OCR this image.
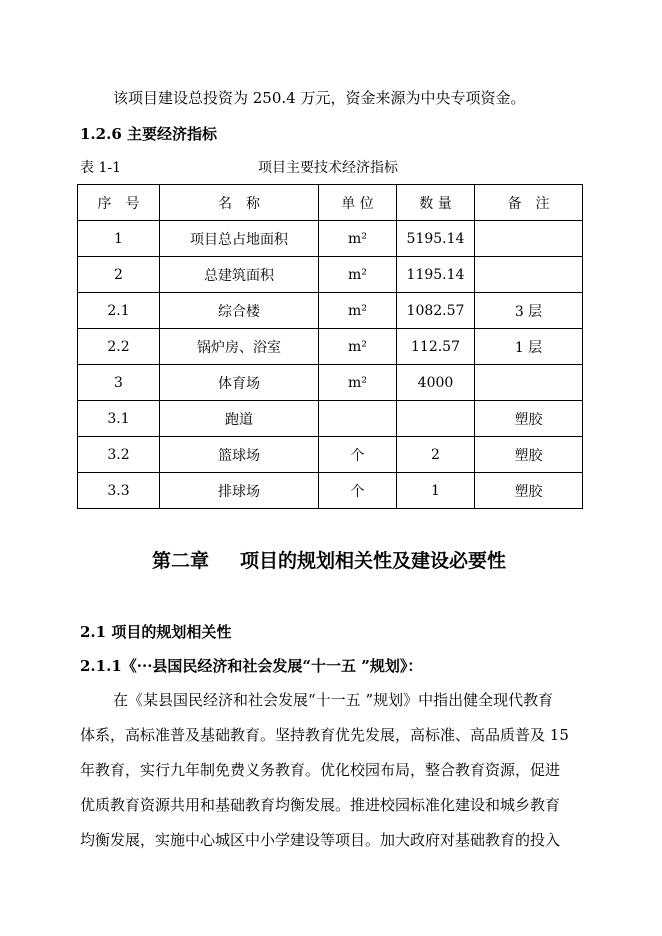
该项目建设总投资为 250.4 万元，资金来源为中央专项资金。
1.2.6 主要经济指标
表 1-1	项目主要技术经济指标
序　号	名　称	单 位	数 量	备　注
1	项目总占地面积	m²	5195.14	
2	总建筑面积	m²	1195.14	
2.1	综合楼	m²	1082.57	3 层
2.2	锅炉房、浴室	m²	112.57	1 层
3	体育场	m²	4000	
3.1	跑道			塑胶
3.2	篮球场	个	2	塑胶
3.3	排球场	个	1	塑胶
第二章 项目的规划相关性及建设必要性
2.1 项目的规划相关性
2.1.1《···县国民经济和社会发展“十一五 ”规划》：
在《某县国民经济和社会发展“十一五 ”规划》中指出健全现代教育
体系，高标准普及基础教育。坚持教育优先发展，高标准、高品质普及 15
年教育，实行九年制免费义务教育。优化校园布局，整合教育资源，促进
优质教育资源共用和基础教育均衡发展。推进校园标准化建设和城乡教育
均衡发展，实施中心城区中小学建设等项目。加大政府对基础教育的投入
